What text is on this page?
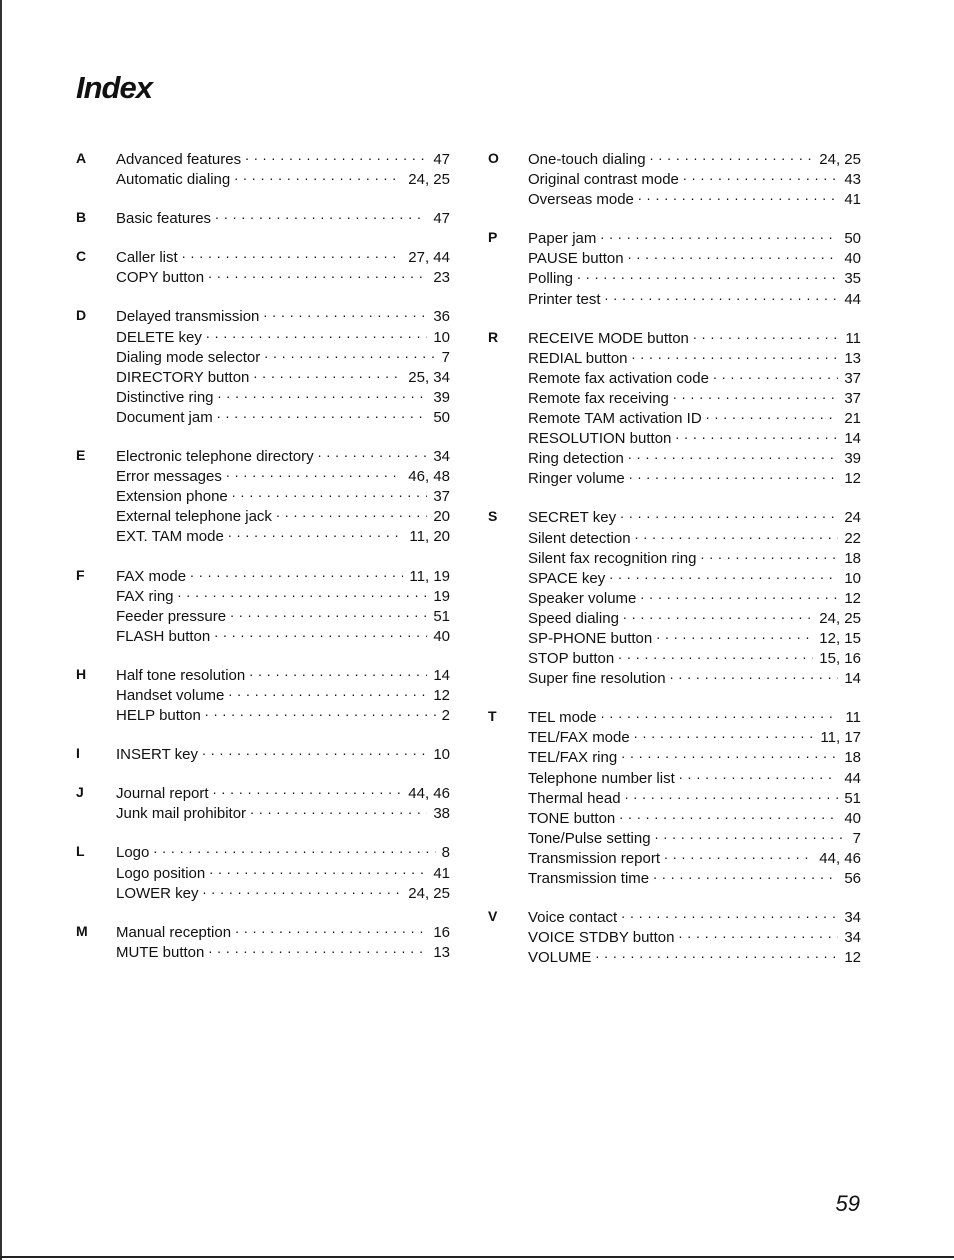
Index
A	Advanced features . . .	47
Automatic dialing . . .	24, 25
B	Basic features . . .	47
C	Caller list . . .	27, 44
COPY button . . .	23
D	Delayed transmission . . .	36
DELETE key . . .	10
Dialing mode selector . . .	7
DIRECTORY button . . .	25, 34
Distinctive ring . . .	39
Document jam . . .	50
E	Electronic telephone directory . . .	34
Error messages . . .	46, 48
Extension phone . . .	37
External telephone jack . . .	20
EXT. TAM mode . . .	11, 20
F	FAX mode . . .	11, 19
FAX ring . . .	19
Feeder pressure . . .	51
FLASH button . . .	40
H	Half tone resolution . . .	14
Handset volume . . .	12
HELP button . . .	2
I	INSERT key . . .	10
J	Journal report . . .	44, 46
Junk mail prohibitor . . .	38
L	Logo . . .	8
Logo position . . .	41
LOWER key . . .	24, 25
M	Manual reception . . .	16
MUTE button . . .	13
O	One-touch dialing . . .	24, 25
Original contrast mode . . .	43
Overseas mode . . .	41
P	Paper jam . . .	50
PAUSE button . . .	40
Polling . . .	35
Printer test . . .	44
R	RECEIVE MODE button . . .	11
REDIAL button . . .	13
Remote fax activation code . . .	37
Remote fax receiving . . .	37
Remote TAM activation ID . . .	21
RESOLUTION button . . .	14
Ring detection . . .	39
Ringer volume . . .	12
S	SECRET key . . .	24
Silent detection . . .	22
Silent fax recognition ring . . .	18
SPACE key . . .	10
Speaker volume . . .	12
Speed dialing . . .	24, 25
SP-PHONE button . . .	12, 15
STOP button . . .	15, 16
Super fine resolution . . .	14
T	TEL mode . . .	11
TEL/FAX mode . . .	11, 17
TEL/FAX ring . . .	18
Telephone number list . . .	44
Thermal head . . .	51
TONE button . . .	40
Tone/Pulse setting . . .	7
Transmission report . . .	44, 46
Transmission time . . .	56
V	Voice contact . . .	34
VOICE STDBY button . . .	34
VOLUME . . .	12

59
